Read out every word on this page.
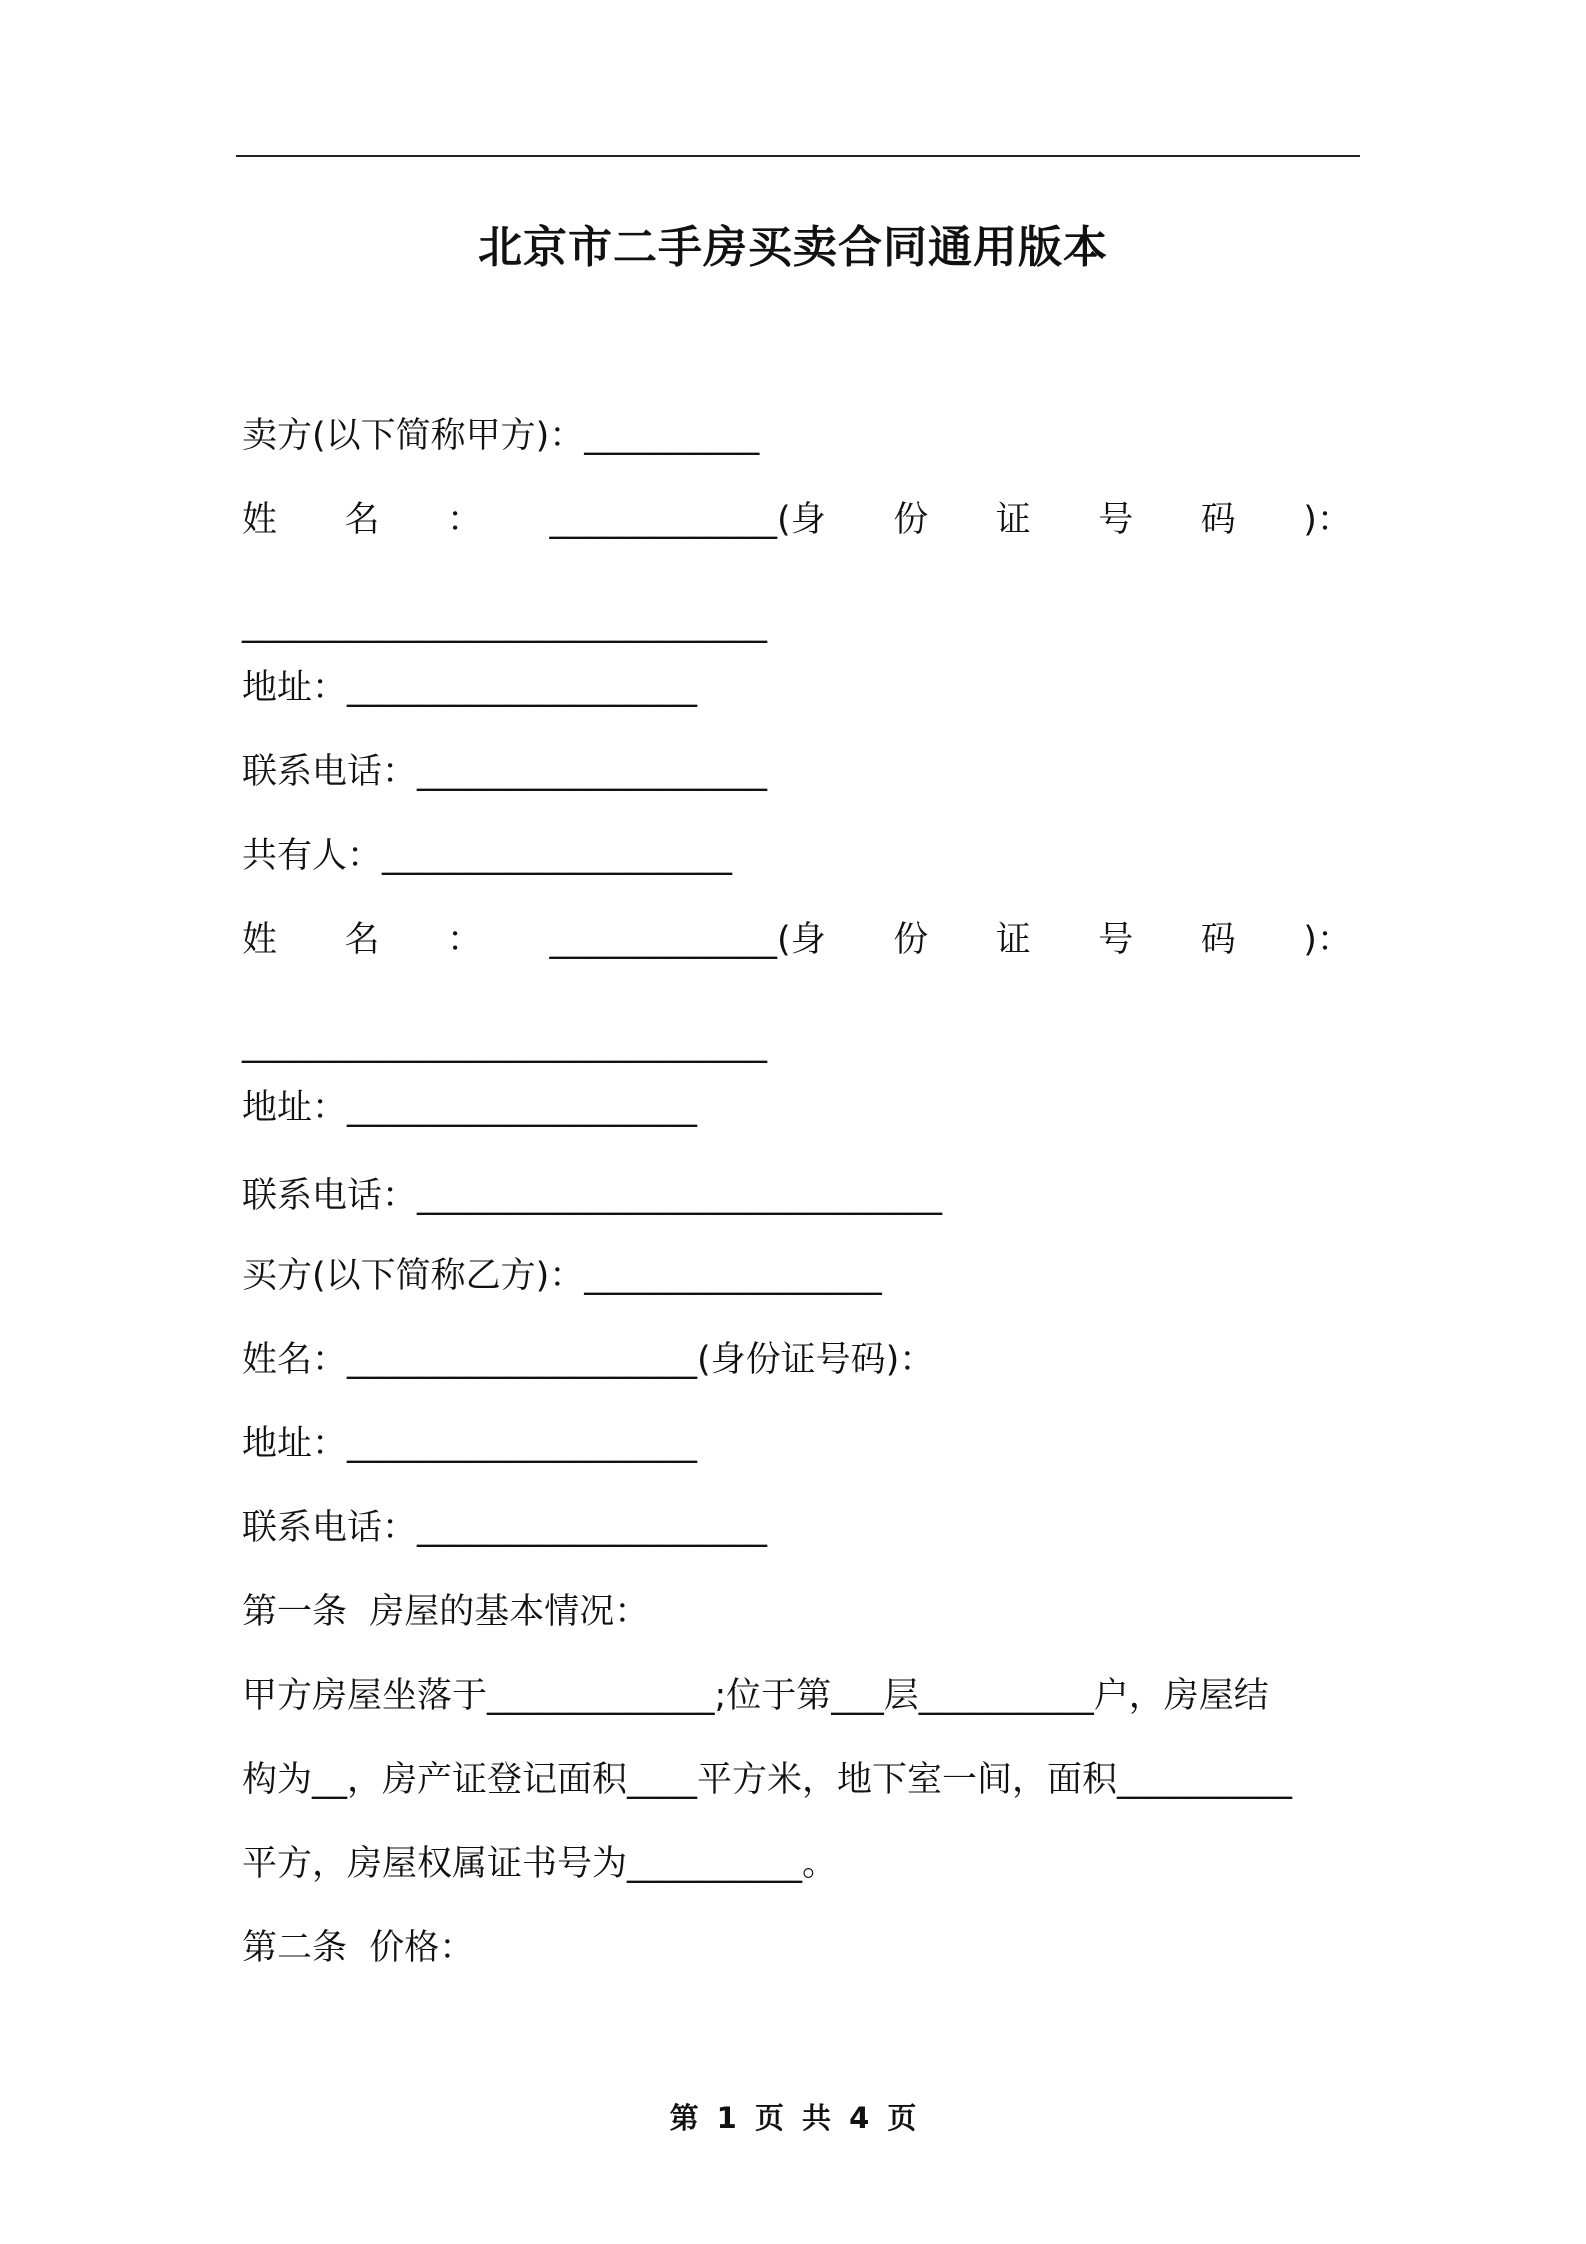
北京市二手房买卖合同通用版本
卖方(以下简称甲方)：__________
姓 名 ： _____________(身 份 证 号 码 )：
______________________________
地址：____________________
联系电话：____________________
共有人：____________________
姓 名 ： _____________(身 份 证 号 码 )：
______________________________
地址：____________________
联系电话：______________________________
买方(以下简称乙方)：_________________
姓名：____________________(身份证号码)：
地址：____________________
联系电话：____________________
第一条  房屋的基本情况：
甲方房屋坐落于_____________;位于第___层__________户，房屋结
构为__，房产证登记面积____平方米，地下室一间，面积__________
平方，房屋权属证书号为__________。
第二条  价格：
第 1 页 共 4 页
